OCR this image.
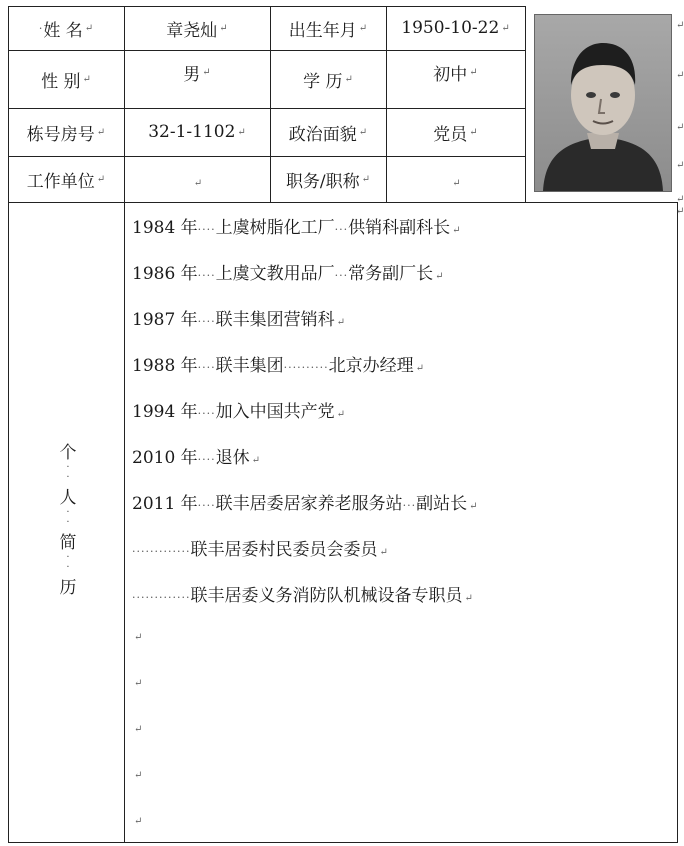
· 姓 名 ↵	章尧灿 ↵	出生年月 ↵ 1950-10-22 ↵
性 别 ↵	男 ↵	学 历 ↵	初中 ↵
栋号房号 ↵	32-1-1102 ↵	政治面貌 ↵	党员 ↵
工作单位 ↵	↵	职务/职称 ↵	↵
个
·
·
人
·
·
简
·
·
历
1984 年····上虞树脂化工厂···供销科副科长 ↵
1986 年····上虞文教用品厂···常务副厂长 ↵
1987 年····联丰集团营销科 ↵
1988 年····联丰集团··········北京办经理 ↵
1994 年····加入中国共产党 ↵
2010 年····退休 ↵
2011 年····联丰居委居家养老服务站···副站长 ↵
·············联丰居委村民委员会委员 ↵
·············联丰居委义务消防队机械设备专职员 ↵
↵
↵
↵
↵
↵
↵
↵
↵
↵
↵
↵
